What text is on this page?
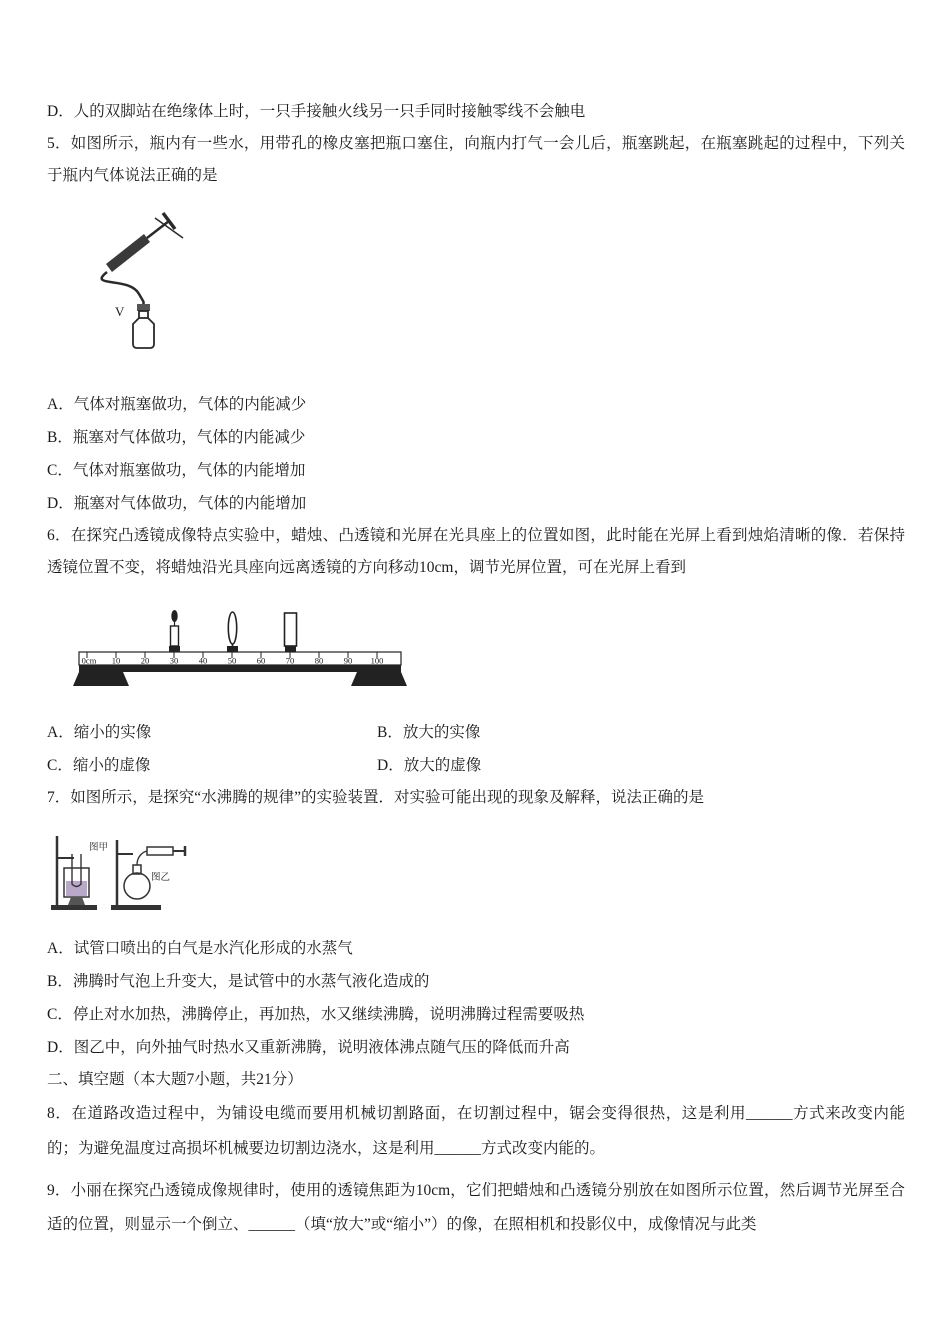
D．人的双脚站在绝缘体上时，一只手接触火线另一只手同时接触零线不会触电

5．如图所示，瓶内有一些水，用带孔的橡皮塞把瓶口塞住，向瓶内打气一会儿后，瓶塞跳起，在瓶塞跳起的过程中，下列关于瓶内气体说法正确的是

V

A．气体对瓶塞做功，气体的内能减少

B．瓶塞对气体做功，气体的内能减少

C．气体对瓶塞做功，气体的内能增加

D．瓶塞对气体做功，气体的内能增加

6．在探究凸透镜成像特点实验中，蜡烛、凸透镜和光屏在光具座上的位置如图，此时能在光屏上看到烛焰清晰的像．若保持透镜位置不变，将蜡烛沿光具座向远离透镜的方向移动10cm，调节光屏位置，可在光屏上看到

0cm 10 20 30 40 50 60 70 80 90 100

A．缩小的实像	B．放大的实像

C．缩小的虚像	D．放大的虚像

7．如图所示，是探究“水沸腾的规律”的实验装置．对实验可能出现的现象及解释，说法正确的是

图甲
图乙

A．试管口喷出的白气是水汽化形成的水蒸气

B．沸腾时气泡上升变大，是试管中的水蒸气液化造成的

C．停止对水加热，沸腾停止，再加热，水又继续沸腾，说明沸腾过程需要吸热

D．图乙中，向外抽气时热水又重新沸腾，说明液体沸点随气压的降低而升高

二、填空题（本大题7小题，共21分）

8．在道路改造过程中，为铺设电缆而要用机械切割路面，在切割过程中，锯会变得很热，这是利用______方式来改变内能的；为避免温度过高损坏机械要边切割边浇水，这是利用______方式改变内能的。

9．小丽在探究凸透镜成像规律时，使用的透镜焦距为10cm，它们把蜡烛和凸透镜分别放在如图所示位置，然后调节光屏至合适的位置，则显示一个倒立、______（填“放大”或“缩小”）的像，在照相机和投影仪中，成像情况与此类
